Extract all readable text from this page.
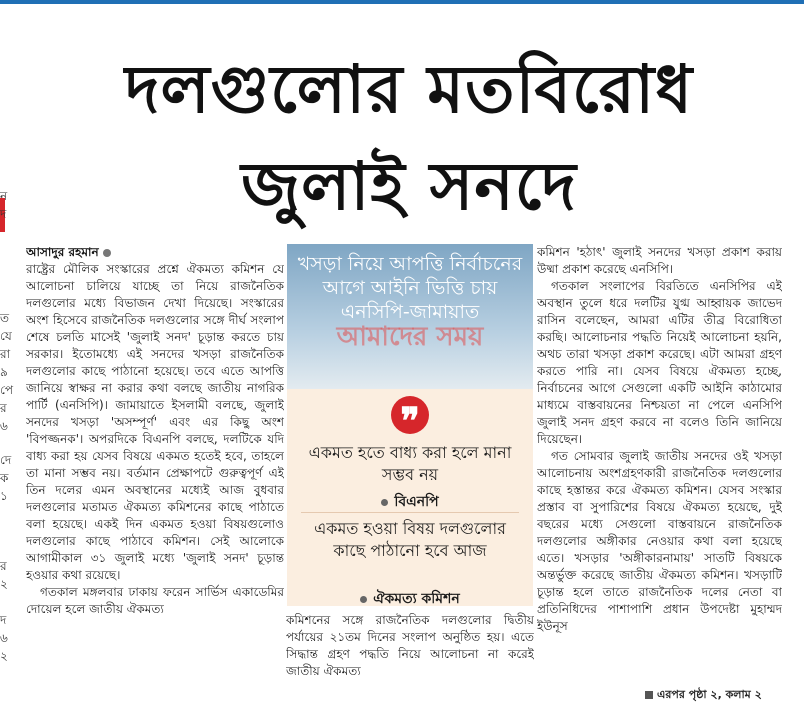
ন
দ
ত
যে
রা
৯
পে
র
৬
দে
ক
১
র
২
দ
৬
২
দলগুলোর মতবিরোধ
জুলাই সনদে

আসাদুর রহমান

রাষ্ট্রের মৌলিক সংস্কারের প্রশ্নে ঐকমত্য কমিশন যে আলোচনা চালিয়ে যাচ্ছে তা নিয়ে রাজনৈতিক দলগুলোর মধ্যে বিভাজন দেখা দিয়েছে। সংস্কারের অংশ হিসেবে রাজনৈতিক দলগুলোর সঙ্গে দীর্ঘ সংলাপ শেষে চলতি মাসেই 'জুলাই সনদ' চূড়ান্ত করতে চায় সরকার। ইতোমধ্যে এই সনদের খসড়া রাজনৈতিক দলগুলোর কাছে পাঠানো হয়েছে। তবে এতে আপত্তি জানিয়ে স্বাক্ষর না করার কথা বলছে জাতীয় নাগরিক পার্টি (এনসিপি)। জামায়াতে ইসলামী বলছে, জুলাই সনদের খসড়া 'অসম্পূর্ণ' এবং এর কিছু অংশ 'বিপজ্জনক'। অপরদিকে বিএনপি বলছে, দলটিকে যদি বাধ্য করা হয় যেসব বিষয়ে একমত হতেই হবে, তাহলে তা মানা সম্ভব নয়। বর্তমান প্রেক্ষাপটে গুরুত্বপূর্ণ এই তিন দলের এমন অবস্থানের মধ্যেই আজ বুধবার দলগুলোর মতামত ঐকমত্য কমিশনের কাছে পাঠাতে বলা হয়েছে। একই দিন একমত হওয়া বিষয়গুলোও দলগুলোর কাছে পাঠাবে কমিশন। সেই আলোকে আগামীকাল ৩১ জুলাই মধ্যে 'জুলাই সনদ' চূড়ান্ত হওয়ার কথা রয়েছে।

গতকাল মঙ্গলবার ঢাকায় ফরেন সার্ভিস একাডেমির দোয়েল হলে জাতীয় ঐকমত্য

খসড়া নিয়ে আপত্তি নির্বাচনের আগে আইনি ভিত্তি চায় এনসিপি-জামায়াত
আমাদের সময়
❞
একমত হতে বাধ্য করা হলে মানা সম্ভব নয়
বিএনপি
একমত হওয়া বিষয় দলগুলোর কাছে পাঠানো হবে আজ
ঐকমত্য কমিশন

কমিশনের সঙ্গে রাজনৈতিক দলগুলোর দ্বিতীয় পর্যায়ের ২১তম দিনের সংলাপ অনুষ্ঠিত হয়। এতে সিদ্ধান্ত গ্রহণ পদ্ধতি নিয়ে আলোচনা না করেই জাতীয় ঐকমত্য

কমিশন 'হঠাৎ' জুলাই সনদের খসড়া প্রকাশ করায় উষ্মা প্রকাশ করেছে এনসিপি।

গতকাল সংলাপের বিরতিতে এনসিপির এই অবস্থান তুলে ধরে দলটির যুগ্ম আহ্বায়ক জাভেদ রাসিন বলেছেন, আমরা এটির তীব্র বিরোধিতা করছি। আলোচনার পদ্ধতি নিয়েই আলোচনা হয়নি, অথচ তারা খসড়া প্রকাশ করেছে। এটা আমরা গ্রহণ করতে পারি না। যেসব বিষয়ে ঐকমত্য হচ্ছে, নির্বাচনের আগে সেগুলো একটি আইনি কাঠামোর মাধ্যমে বাস্তবায়নের নিশ্চয়তা না পেলে এনসিপি জুলাই সনদ গ্রহণ করবে না বলেও তিনি জানিয়ে দিয়েছেন।

গত সোমবার জুলাই জাতীয় সনদের ওই খসড়া আলোচনায় অংশগ্রহণকারী রাজনৈতিক দলগুলোর কাছে হস্তান্তর করে ঐকমত্য কমিশন। যেসব সংস্কার প্রস্তাব বা সুপারিশের বিষয়ে ঐকমত্য হয়েছে, দুই বছরের মধ্যে সেগুলো বাস্তবায়নে রাজনৈতিক দলগুলোর অঙ্গীকার নেওয়ার কথা বলা হয়েছে এতে। খসড়ার 'অঙ্গীকারনামায়' সাতটি বিষয়কে অন্তর্ভুক্ত করেছে জাতীয় ঐকমত্য কমিশন। খসড়াটি চূড়ান্ত হলে তাতে রাজনৈতিক দলের নেতা বা প্রতিনিধিদের পাশাপাশি প্রধান উপদেষ্টা মুহাম্মদ ইউনূস

এরপর পৃষ্ঠা ২, কলাম ২
